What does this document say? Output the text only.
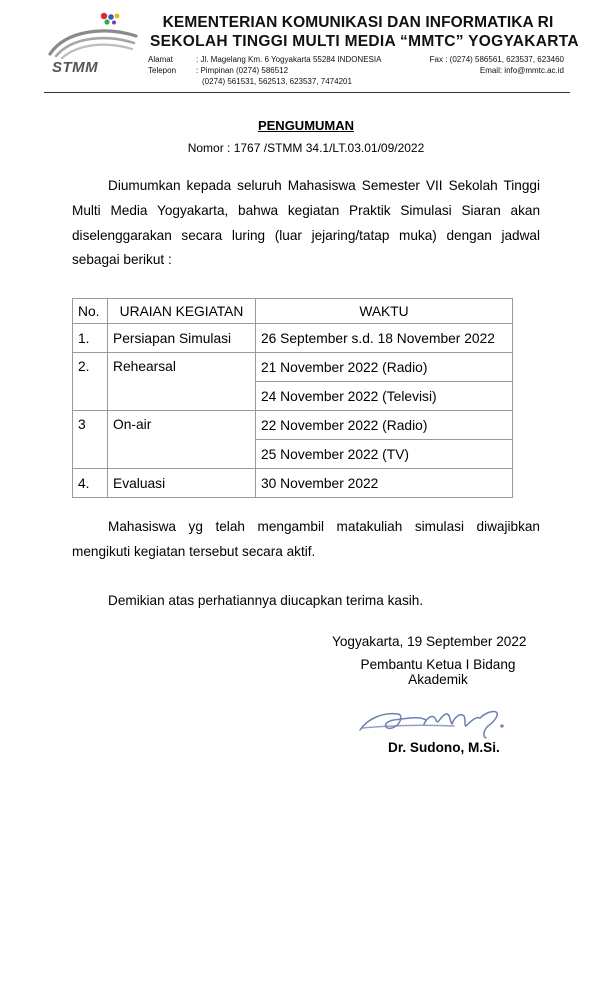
STMM
KEMENTERIAN KOMUNIKASI DAN INFORMATIKA RI
SEKOLAH TINGGI MULTI MEDIA “MMTC” YOGYAKARTA
Alamat	: Jl. Magelang Km. 6 Yogyakarta 55284 INDONESIA
Telepon : Pimpinan (0274) 586512
(0274) 561531, 562513, 623537, 7474201
Fax : (0274) 586561, 623537, 623460
Email: info@mmtc.ac.id
PENGUMUMAN
Nomor : 1767 /STMM 34.1/LT.03.01/09/2022
Diumumkan kepada seluruh Mahasiswa Semester VII Sekolah Tinggi Multi Media Yogyakarta, bahwa kegiatan Praktik Simulasi Siaran akan diselenggarakan secara luring (luar jejaring/tatap muka) dengan jadwal sebagai berikut :
No.	URAIAN KEGIATAN	WAKTU
1.	Persiapan Simulasi	26 September s.d. 18 November 2022
2.	Rehearsal	21 November 2022 (Radio)
		24 November 2022 (Televisi)
3	On-air	22 November 2022 (Radio)
		25 November 2022 (TV)
4.	Evaluasi	30 November 2022
Mahasiswa yg telah mengambil matakuliah simulasi diwajibkan mengikuti kegiatan tersebut secara aktif.
Demikian atas perhatiannya diucapkan terima kasih.
Yogyakarta, 19 September 2022
Pembantu Ketua I Bidang
Akademik
Dr. Sudono, M.Si.
